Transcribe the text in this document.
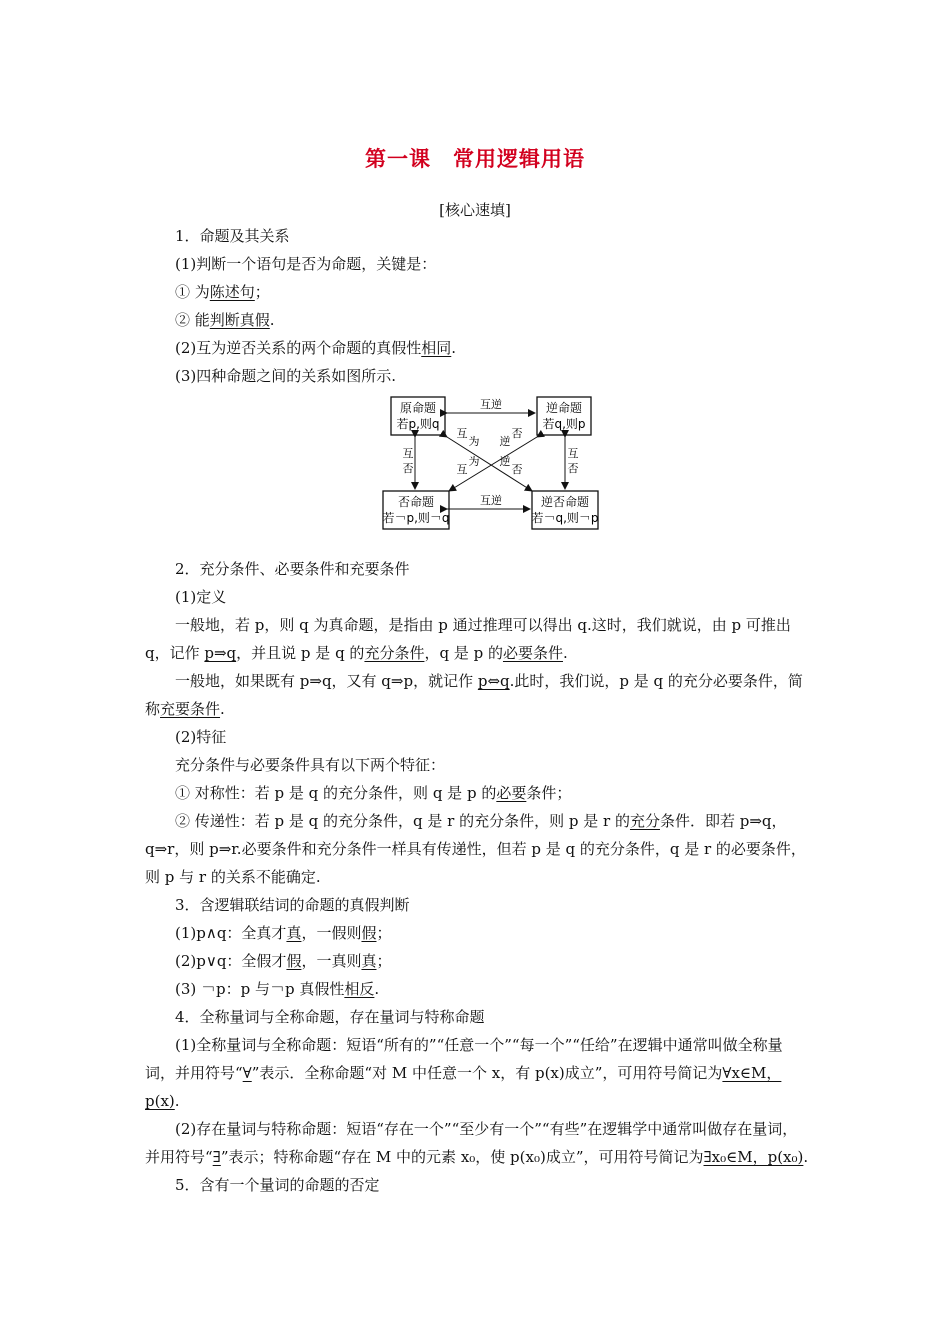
第一课　常用逻辑用语
[核心速填]

1．命题及其关系

(1)判断一个语句是否为命题，关键是：

① 为陈述句；

② 能判断真假.

(2)互为逆否关系的两个命题的真假性相同.

(3)四种命题之间的关系如图所示.

原命题
若p,则q
逆命题
若q,则p
否命题
若￢p,则￢q
逆否命题
若￢q,则￢p
互逆
互逆
互
否
互
否
互
为
逆
否
否
逆
为
互

2．充分条件、必要条件和充要条件

(1)定义

一般地，若 p，则 q 为真命题，是指由 p 通过推理可以得出 q.这时，我们就说，由 p 可推出 q，记作 p⇒q，并且说 p 是 q 的充分条件，q 是 p 的必要条件.

一般地，如果既有 p⇒q，又有 q⇒p，就记作 p⇔q.此时，我们说，p 是 q 的充分必要条件，简称充要条件.

(2)特征

充分条件与必要条件具有以下两个特征：

① 对称性：若 p 是 q 的充分条件，则 q 是 p 的必要条件；

② 传递性：若 p 是 q 的充分条件，q 是 r 的充分条件，则 p 是 r 的充分条件．即若 p⇒q，q⇒r，则 p⇒r.必要条件和充分条件一样具有传递性，但若 p 是 q 的充分条件，q 是 r 的必要条件，则 p 与 r 的关系不能确定.

3．含逻辑联结词的命题的真假判断

(1)p∧q：全真才真，一假则假；

(2)p∨q：全假才假，一真则真；

(3) ￢p：p 与￢p 真假性相反.

4．全称量词与全称命题，存在量词与特称命题

(1)全称量词与全称命题：短语“所有的”“任意一个”“每一个”“任给”在逻辑中通常叫做全称量词，并用符号“∀”表示．全称命题“对 M 中任意一个 x，有 p(x)成立”，可用符号简记为∀x∈M，p(x).

(2)存在量词与特称命题：短语“存在一个”“至少有一个”“有些”在逻辑学中通常叫做存在量词，并用符号“∃”表示；特称命题“存在 M 中的元素 x₀，使 p(x₀)成立”，可用符号简记为∃x₀∈M，p(x₀).

5．含有一个量词的命题的否定
